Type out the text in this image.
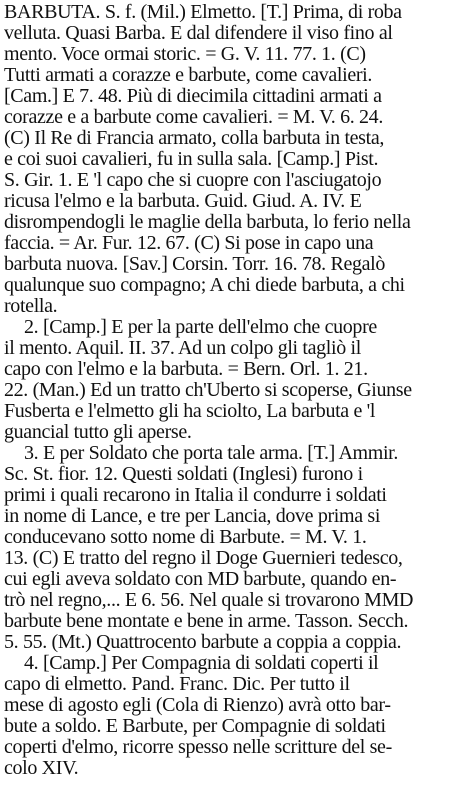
BARBUTA. S. f. (Mil.) Elmetto. [T.] Prima, di roba
velluta. Quasi Barba. E dal difendere il viso fino al
mento. Voce ormai storic. = G. V. 11. 77. 1. (C)
Tutti armati a corazze e barbute, come cavalieri.
[Cam.] E 7. 48. Più di diecimila cittadini armati a
corazze e a barbute come cavalieri. = M. V. 6. 24.
(C) Il Re di Francia armato, colla barbuta in testa,
e coi suoi cavalieri, fu in sulla sala. [Camp.] Pist.
S. Gir. 1. E 'l capo che si cuopre con l'asciugatojo
ricusa l'elmo e la barbuta. Guid. Giud. A. IV. E
disrompendogli le maglie della barbuta, lo ferio nella
faccia. = Ar. Fur. 12. 67. (C) Si pose in capo una
barbuta nuova. [Sav.] Corsin. Torr. 16. 78. Regalò
qualunque suo compagno; A chi diede barbuta, a chi
rotella.
2. [Camp.] E per la parte dell'elmo che cuopre
il mento. Aquil. II. 37. Ad un colpo gli tagliò il
capo con l'elmo e la barbuta. = Bern. Orl. 1. 21.
22. (Man.) Ed un tratto ch'Uberto si scoperse, Giunse
Fusberta e l'elmetto gli ha sciolto, La barbuta e 'l
guancial tutto gli aperse.
3. E per Soldato che porta tale arma. [T.] Ammir.
Sc. St. fior. 12. Questi soldati (Inglesi) furono i
primi i quali recarono in Italia il condurre i soldati
in nome di Lance, e tre per Lancia, dove prima si
conducevano sotto nome di Barbute. = M. V. 1.
13. (C) E tratto del regno il Doge Guernieri tedesco,
cui egli aveva soldato con MD barbute, quando en-
trò nel regno,... E 6. 56. Nel quale si trovarono MMD
barbute bene montate e bene in arme. Tasson. Secch.
5. 55. (Mt.) Quattrocento barbute a coppia a coppia.
4. [Camp.] Per Compagnia di soldati coperti il
capo di elmetto. Pand. Franc. Dic. Per tutto il
mese di agosto egli (Cola di Rienzo) avrà otto bar-
bute a soldo. E Barbute, per Compagnie di soldati
coperti d'elmo, ricorre spesso nelle scritture del se-
colo XIV.
